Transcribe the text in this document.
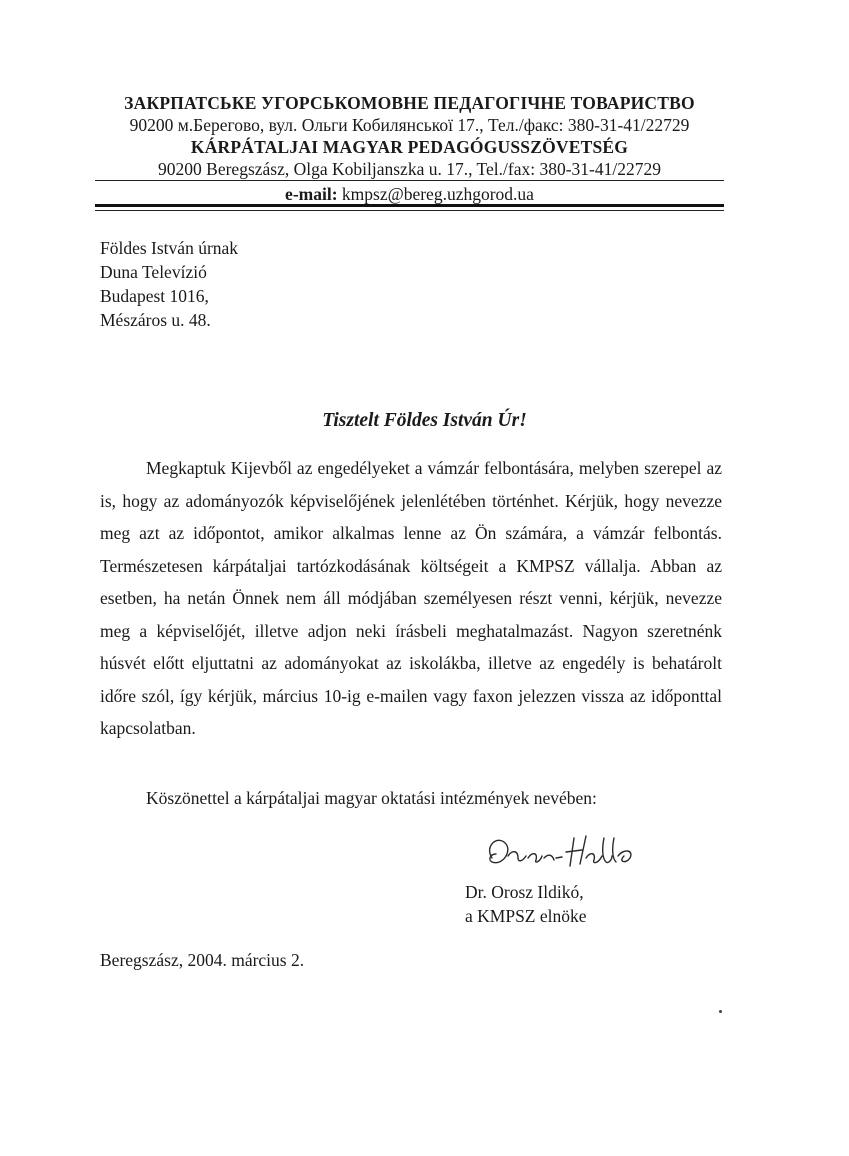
ЗАКРПАТСЬКЕ УГОРСЬКОМОВНЕ ПЕДАГОГІЧНЕ ТОВАРИСТВО
90200 м.Берегово, вул. Ольги Кобилянської 17., Тел./факс: 380-31-41/22729
KÁRPÁTALJAI MAGYAR PEDAGÓGUSSZÖVETSÉG
90200 Beregszász, Olga Kobiljanszka u. 17., Tel./fax: 380-31-41/22729
e-mail: kmpsz@bereg.uzhgorod.ua
Földes István úrnak
Duna Televízió
Budapest 1016,
Mészáros u. 48.
Tisztelt Földes István Úr!

Megkaptuk Kijevből az engedélyeket a vámzár felbontására, melyben szerepel az is, hogy az adományozók képviselőjének jelenlétében történhet. Kérjük, hogy nevezze meg azt az időpontot, amikor alkalmas lenne az Ön számára, a vámzár felbontás. Természetesen kárpátaljai tartózkodásának költségeit a KMPSZ vállalja. Abban az esetben, ha netán Önnek nem áll módjában személyesen részt venni, kérjük, nevezze meg a képviselőjét, illetve adjon neki írásbeli meghatalmazást. Nagyon szeretnénk húsvét előtt eljuttatni az adományokat az iskolákba, illetve az engedély is behatárolt időre szól, így kérjük, március 10-ig e-mailen vagy faxon jelezzen vissza az időponttal kapcsolatban.

Köszönettel a kárpátaljai magyar oktatási intézmények nevében:
Dr. Orosz Ildikó,
a KMPSZ elnöke
Beregszász, 2004. március 2.
